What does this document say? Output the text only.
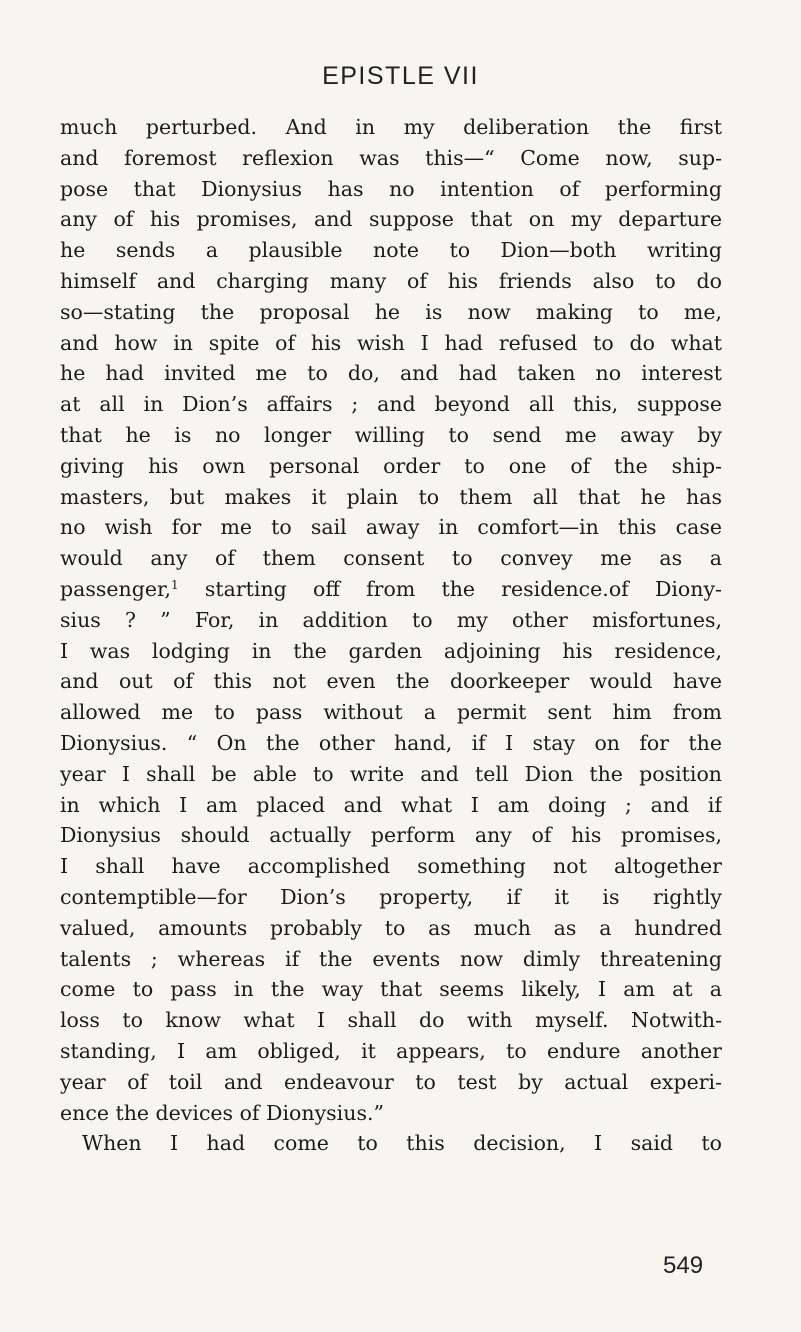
EPISTLE VII
much perturbed. And in my deliberation the first
and foremost reflexion was this—“ Come now, sup-
pose that Dionysius has no intention of performing
any of his promises, and suppose that on my departure
he sends a plausible note to Dion—both writing
himself and charging many of his friends also to do
so—stating the proposal he is now making to me,
and how in spite of his wish I had refused to do what
he had invited me to do, and had taken no interest
at all in Dion’s affairs ; and beyond all this, suppose
that he is no longer willing to send me away by
giving his own personal order to one of the ship-
masters, but makes it plain to them all that he has
no wish for me to sail away in comfort—in this case
would any of them consent to convey me as a
passenger,$^1$ starting off from the residence.of Diony-
sius ? ” For, in addition to my other misfortunes,
I was lodging in the garden adjoining his residence,
and out of this not even the doorkeeper would have
allowed me to pass without a permit sent him from
Dionysius. “ On the other hand, if I stay on for the
year I shall be able to write and tell Dion the position
in which I am placed and what I am doing ; and if
Dionysius should actually perform any of his promises,
I shall have accomplished something not altogether
contemptible—for Dion’s property, if it is rightly
valued, amounts probably to as much as a hundred
talents ; whereas if the events now dimly threatening
come to pass in the way that seems likely, I am at a
loss to know what I shall do with myself. Notwith-
standing, I am obliged, it appears, to endure another
year of toil and endeavour to test by actual experi-
ence the devices of Dionysius.”
When I had come to this decision, I said to
549
